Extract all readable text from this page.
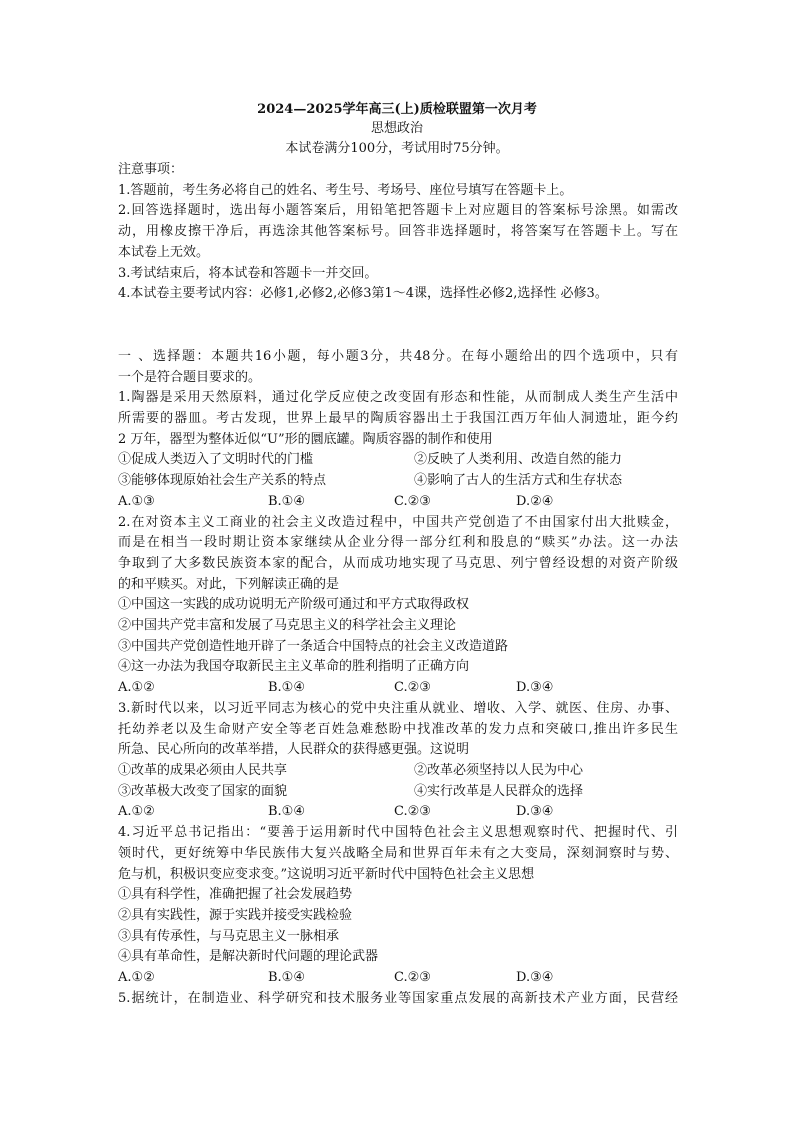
2024—2025学年高三(上)质检联盟第一次月考
思想政治
本试卷满分100分，考试用时75分钟。
注意事项：
1.答题前，考生务必将自己的姓名、考生号、考场号、座位号填写在答题卡上。
2.回答选择题时，选出每小题答案后，用铅笔把答题卡上对应题目的答案标号涂黑。如需改
动，用橡皮擦干净后，再选涂其他答案标号。回答非选择题时，将答案写在答题卡上。写在
本试卷上无效。
3.考试结束后，将本试卷和答题卡一并交回。
4.本试卷主要考试内容：必修1,必修2,必修3第1～4课，选择性必修2,选择性 必修3。
一 、选择题：本题共16小题，每小题3分，共48分。在每小题给出的四个选项中，只有
一个是符合题目要求的。
1.陶器是采用天然原料，通过化学反应使之改变固有形态和性能，从而制成人类生产生活中
所需要的器皿。考古发现，世界上最早的陶质容器出土于我国江西万年仙人洞遗址，距今约
2 万年，器型为整体近似“U”形的圜底罐。陶质容器的制作和使用
①促成人类迈入了文明时代的门槛	②反映了人类利用、改造自然的能力
③能够体现原始社会生产关系的特点	④影响了古人的生活方式和生存状态
A.①③	B.①④	C.②③	D.②④
2.在对资本主义工商业的社会主义改造过程中，中国共产党创造了不由国家付出大批赎金，
而是在相当一段时期让资本家继续从企业分得一部分红利和股息的“赎买”办法。这一办法
争取到了大多数民族资本家的配合，从而成功地实现了马克思、列宁曾经设想的对资产阶级
的和平赎买。对此，下列解读正确的是
①中国这一实践的成功说明无产阶级可通过和平方式取得政权
②中国共产党丰富和发展了马克思主义的科学社会主义理论
③中国共产党创造性地开辟了一条适合中国特点的社会主义改造道路
④这一办法为我国夺取新民主主义革命的胜利指明了正确方向
A.①②	B.①④	C.②③	D.③④
3.新时代以来，以习近平同志为核心的党中央注重从就业、增收、入学、就医、住房、办事、
托幼养老以及生命财产安全等老百姓急难愁盼中找准改革的发力点和突破口,推出许多民生
所急、民心所向的改革举措，人民群众的获得感更强。这说明
①改革的成果必须由人民共享	②改革必须坚持以人民为中心
③改革极大改变了国家的面貌	④实行改革是人民群众的选择
A.①②	B.①④	C.②③	D.③④
4.习近平总书记指出：“要善于运用新时代中国特色社会主义思想观察时代、把握时代、引
领时代，更好统筹中华民族伟大复兴战略全局和世界百年未有之大变局，深刻洞察时与势、
危与机，积极识变应变求变。”这说明习近平新时代中国特色社会主义思想
①具有科学性，准确把握了社会发展趋势
②具有实践性，源于实践并接受实践检验
③具有传承性，与马克思主义一脉相承
④具有革命性，是解决新时代问题的理论武器
A.①②	B.①④	C.②③	D.③④
5.据统计，在制造业、科学研究和技术服务业等国家重点发展的高新技术产业方面，民营经
